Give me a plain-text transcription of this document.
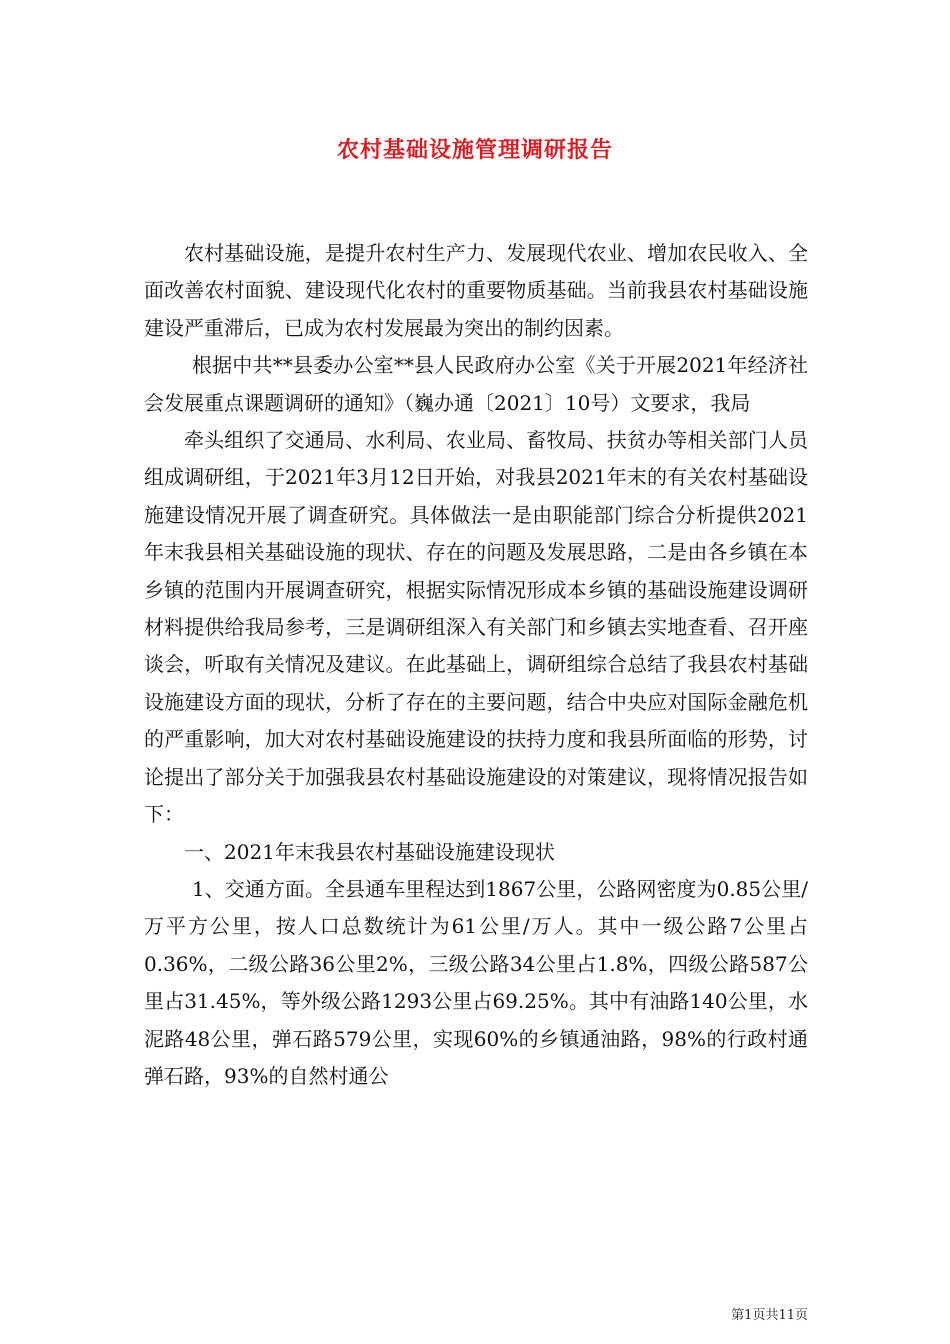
农村基础设施管理调研报告

农村基础设施，是提升农村生产力、发展现代农业、增加农民收入、全面改善农村面貌、建设现代化农村的重要物质基础。当前我县农村基础设施建设严重滞后，已成为农村发展最为突出的制约因素。

根据中共**县委办公室**县人民政府办公室《关于开展2021年经济社会发展重点课题调研的通知》（巍办通〔2021〕10号）文要求，我局

牵头组织了交通局、水利局、农业局、畜牧局、扶贫办等相关部门人员组成调研组，于2021年3月12日开始，对我县2021年末的有关农村基础设施建设情况开展了调查研究。具体做法一是由职能部门综合分析提供2021年末我县相关基础设施的现状、存在的问题及发展思路，二是由各乡镇在本乡镇的范围内开展调查研究，根据实际情况形成本乡镇的基础设施建设调研材料提供给我局参考，三是调研组深入有关部门和乡镇去实地查看、召开座谈会，听取有关情况及建议。在此基础上，调研组综合总结了我县农村基础设施建设方面的现状，分析了存在的主要问题，结合中央应对国际金融危机的严重影响，加大对农村基础设施建设的扶持力度和我县所面临的形势，讨论提出了部分关于加强我县农村基础设施建设的对策建议，现将情况报告如下：

一、2021年末我县农村基础设施建设现状

1、交通方面。全县通车里程达到1867公里，公路网密度为0.85公里/万平方公里，按人口总数统计为61公里/万人。其中一级公路7公里占0.36%，二级公路36公里2%，三级公路34公里占1.8%，四级公路587公里占31.45%，等外级公路1293公里占69.25%。其中有油路140公里，水泥路48公里，弹石路579公里，实现60%的乡镇通油路，98%的行政村通弹石路，93%的自然村通公

第1页共11页
